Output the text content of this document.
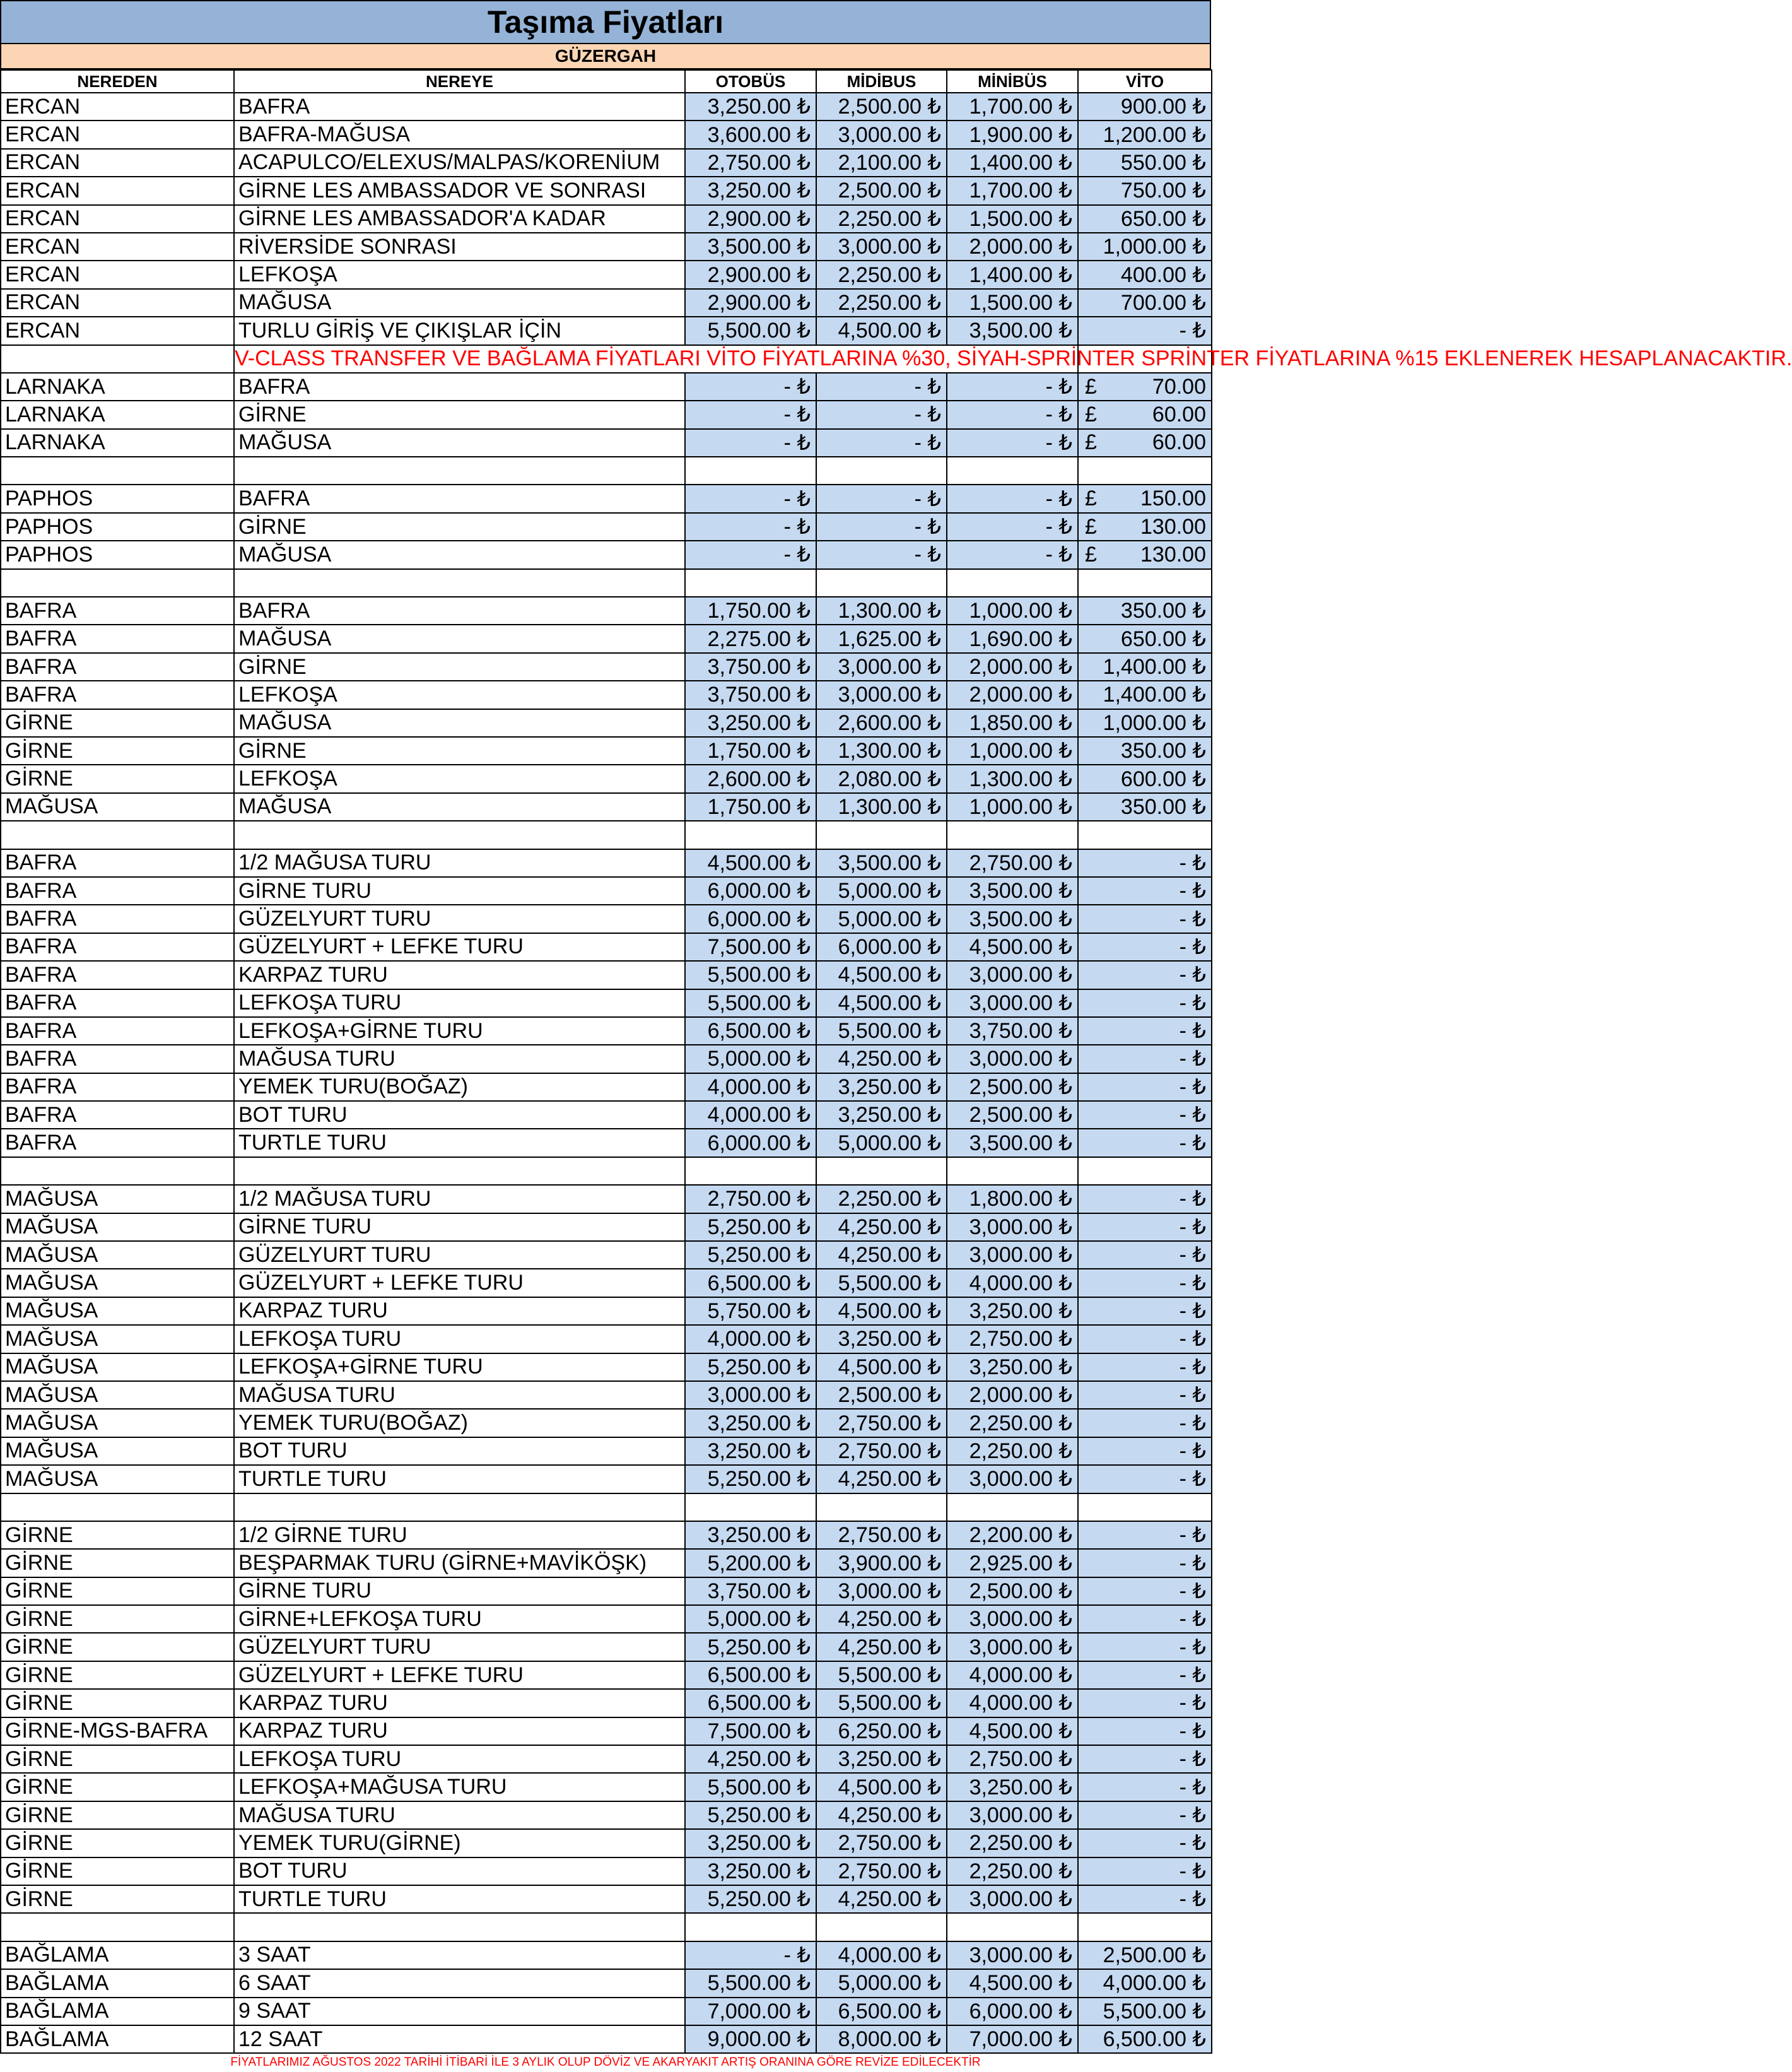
Taşıma Fiyatları
GÜZERGAH
NEREDEN	NEREYE	OTOBÜS	MİDİBUS	MİNİBÜS	VİTO
ERCAN	BAFRA	3,250.00 ₺	2,500.00 ₺	1,700.00 ₺	900.00 ₺
ERCAN	BAFRA-MAĞUSA	3,600.00 ₺	3,000.00 ₺	1,900.00 ₺	1,200.00 ₺
ERCAN	ACAPULCO/ELEXUS/MALPAS/KORENİUM	2,750.00 ₺	2,100.00 ₺	1,400.00 ₺	550.00 ₺
ERCAN	GİRNE LES AMBASSADOR VE SONRASI	3,250.00 ₺	2,500.00 ₺	1,700.00 ₺	750.00 ₺
ERCAN	GİRNE LES AMBASSADOR'A KADAR	2,900.00 ₺	2,250.00 ₺	1,500.00 ₺	650.00 ₺
ERCAN	RİVERSİDE SONRASI	3,500.00 ₺	3,000.00 ₺	2,000.00 ₺	1,000.00 ₺
ERCAN	LEFKOŞA	2,900.00 ₺	2,250.00 ₺	1,400.00 ₺	400.00 ₺
ERCAN	MAĞUSA	2,900.00 ₺	2,250.00 ₺	1,500.00 ₺	700.00 ₺
ERCAN	TURLU GİRİŞ VE ÇIKIŞLAR İÇİN	5,500.00 ₺	4,500.00 ₺	3,500.00 ₺	- ₺
	V-CLASS TRANSFER VE BAĞLAMA FİYATLARI VİTO FİYATLARINA %30, SİYAH-SPRİNTER SPRİNTER FİYATLARINA %15 EKLENEREK HESAPLANACAKTIR.				
LARNAKA	BAFRA	- ₺	- ₺	- ₺	£ 70.00
LARNAKA	GİRNE	- ₺	- ₺	- ₺	£ 60.00
LARNAKA	MAĞUSA	- ₺	- ₺	- ₺	£ 60.00

PAPHOS	BAFRA	- ₺	- ₺	- ₺	£ 150.00
PAPHOS	GİRNE	- ₺	- ₺	- ₺	£ 130.00
PAPHOS	MAĞUSA	- ₺	- ₺	- ₺	£ 130.00

BAFRA	BAFRA	1,750.00 ₺	1,300.00 ₺	1,000.00 ₺	350.00 ₺
BAFRA	MAĞUSA	2,275.00 ₺	1,625.00 ₺	1,690.00 ₺	650.00 ₺
BAFRA	GİRNE	3,750.00 ₺	3,000.00 ₺	2,000.00 ₺	1,400.00 ₺
BAFRA	LEFKOŞA	3,750.00 ₺	3,000.00 ₺	2,000.00 ₺	1,400.00 ₺
GİRNE	MAĞUSA	3,250.00 ₺	2,600.00 ₺	1,850.00 ₺	1,000.00 ₺
GİRNE	GİRNE	1,750.00 ₺	1,300.00 ₺	1,000.00 ₺	350.00 ₺
GİRNE	LEFKOŞA	2,600.00 ₺	2,080.00 ₺	1,300.00 ₺	600.00 ₺
MAĞUSA	MAĞUSA	1,750.00 ₺	1,300.00 ₺	1,000.00 ₺	350.00 ₺

BAFRA	1/2 MAĞUSA TURU	4,500.00 ₺	3,500.00 ₺	2,750.00 ₺	- ₺
BAFRA	GİRNE TURU	6,000.00 ₺	5,000.00 ₺	3,500.00 ₺	- ₺
BAFRA	GÜZELYURT TURU	6,000.00 ₺	5,000.00 ₺	3,500.00 ₺	- ₺
BAFRA	GÜZELYURT + LEFKE TURU	7,500.00 ₺	6,000.00 ₺	4,500.00 ₺	- ₺
BAFRA	KARPAZ TURU	5,500.00 ₺	4,500.00 ₺	3,000.00 ₺	- ₺
BAFRA	LEFKOŞA TURU	5,500.00 ₺	4,500.00 ₺	3,000.00 ₺	- ₺
BAFRA	LEFKOŞA+GİRNE TURU	6,500.00 ₺	5,500.00 ₺	3,750.00 ₺	- ₺
BAFRA	MAĞUSA TURU	5,000.00 ₺	4,250.00 ₺	3,000.00 ₺	- ₺
BAFRA	YEMEK TURU(BOĞAZ)	4,000.00 ₺	3,250.00 ₺	2,500.00 ₺	- ₺
BAFRA	BOT TURU	4,000.00 ₺	3,250.00 ₺	2,500.00 ₺	- ₺
BAFRA	TURTLE TURU	6,000.00 ₺	5,000.00 ₺	3,500.00 ₺	- ₺

MAĞUSA	1/2 MAĞUSA TURU	2,750.00 ₺	2,250.00 ₺	1,800.00 ₺	- ₺
MAĞUSA	GİRNE TURU	5,250.00 ₺	4,250.00 ₺	3,000.00 ₺	- ₺
MAĞUSA	GÜZELYURT TURU	5,250.00 ₺	4,250.00 ₺	3,000.00 ₺	- ₺
MAĞUSA	GÜZELYURT + LEFKE TURU	6,500.00 ₺	5,500.00 ₺	4,000.00 ₺	- ₺
MAĞUSA	KARPAZ TURU	5,750.00 ₺	4,500.00 ₺	3,250.00 ₺	- ₺
MAĞUSA	LEFKOŞA TURU	4,000.00 ₺	3,250.00 ₺	2,750.00 ₺	- ₺
MAĞUSA	LEFKOŞA+GİRNE TURU	5,250.00 ₺	4,500.00 ₺	3,250.00 ₺	- ₺
MAĞUSA	MAĞUSA TURU	3,000.00 ₺	2,500.00 ₺	2,000.00 ₺	- ₺
MAĞUSA	YEMEK TURU(BOĞAZ)	3,250.00 ₺	2,750.00 ₺	2,250.00 ₺	- ₺
MAĞUSA	BOT TURU	3,250.00 ₺	2,750.00 ₺	2,250.00 ₺	- ₺
MAĞUSA	TURTLE TURU	5,250.00 ₺	4,250.00 ₺	3,000.00 ₺	- ₺

GİRNE	1/2 GİRNE TURU	3,250.00 ₺	2,750.00 ₺	2,200.00 ₺	- ₺
GİRNE	BEŞPARMAK TURU (GİRNE+MAVİKÖŞK)	5,200.00 ₺	3,900.00 ₺	2,925.00 ₺	- ₺
GİRNE	GİRNE TURU	3,750.00 ₺	3,000.00 ₺	2,500.00 ₺	- ₺
GİRNE	GİRNE+LEFKOŞA TURU	5,000.00 ₺	4,250.00 ₺	3,000.00 ₺	- ₺
GİRNE	GÜZELYURT TURU	5,250.00 ₺	4,250.00 ₺	3,000.00 ₺	- ₺
GİRNE	GÜZELYURT + LEFKE TURU	6,500.00 ₺	5,500.00 ₺	4,000.00 ₺	- ₺
GİRNE	KARPAZ TURU	6,500.00 ₺	5,500.00 ₺	4,000.00 ₺	- ₺
GİRNE-MGS-BAFRA	KARPAZ TURU	7,500.00 ₺	6,250.00 ₺	4,500.00 ₺	- ₺
GİRNE	LEFKOŞA TURU	4,250.00 ₺	3,250.00 ₺	2,750.00 ₺	- ₺
GİRNE	LEFKOŞA+MAĞUSA TURU	5,500.00 ₺	4,500.00 ₺	3,250.00 ₺	- ₺
GİRNE	MAĞUSA TURU	5,250.00 ₺	4,250.00 ₺	3,000.00 ₺	- ₺
GİRNE	YEMEK TURU(GİRNE)	3,250.00 ₺	2,750.00 ₺	2,250.00 ₺	- ₺
GİRNE	BOT TURU	3,250.00 ₺	2,750.00 ₺	2,250.00 ₺	- ₺
GİRNE	TURTLE TURU	5,250.00 ₺	4,250.00 ₺	3,000.00 ₺	- ₺

BAĞLAMA	3 SAAT	- ₺	4,000.00 ₺	3,000.00 ₺	2,500.00 ₺
BAĞLAMA	6 SAAT	5,500.00 ₺	5,000.00 ₺	4,500.00 ₺	4,000.00 ₺
BAĞLAMA	9 SAAT	7,000.00 ₺	6,500.00 ₺	6,000.00 ₺	5,500.00 ₺
BAĞLAMA	12 SAAT	9,000.00 ₺	8,000.00 ₺	7,000.00 ₺	6,500.00 ₺
FİYATLARIMIZ AĞUSTOS 2022 TARİHİ İTİBARİ İLE 3 AYLIK OLUP DÖVİZ VE AKARYAKIT ARTIŞ ORANINA GÖRE REVİZE EDİLECEKTİR
